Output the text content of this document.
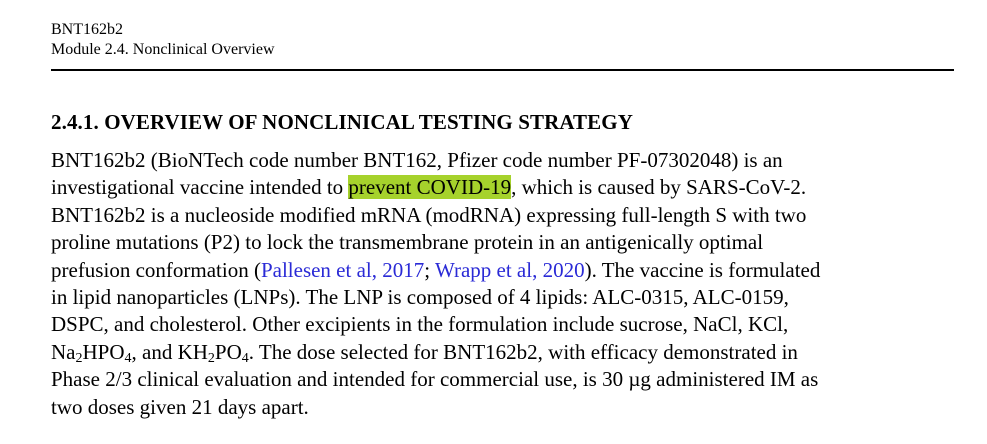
BNT162b2

Module 2.4. Nonclinical Overview

2.4.1. OVERVIEW OF NONCLINICAL TESTING STRATEGY

BNT162b2 (BioNTech code number BNT162, Pfizer code number PF-07302048) is an
investigational vaccine intended to prevent COVID-19, which is caused by SARS-CoV-2.
BNT162b2 is a nucleoside modified mRNA (modRNA) expressing full-length S with two
proline mutations (P2) to lock the transmembrane protein in an antigenically optimal
prefusion conformation (Pallesen et al, 2017; Wrapp et al, 2020). The vaccine is formulated
in lipid nanoparticles (LNPs). The LNP is composed of 4 lipids: ALC-0315, ALC-0159,
DSPC, and cholesterol. Other excipients in the formulation include sucrose, NaCl, KCl,
$Na_2HPO_4$, and $KH_2PO_4$. The dose selected for BNT162b2, with efficacy demonstrated in
Phase 2/3 clinical evaluation and intended for commercial use, is 30 µg administered IM as
two doses given 21 days apart.
